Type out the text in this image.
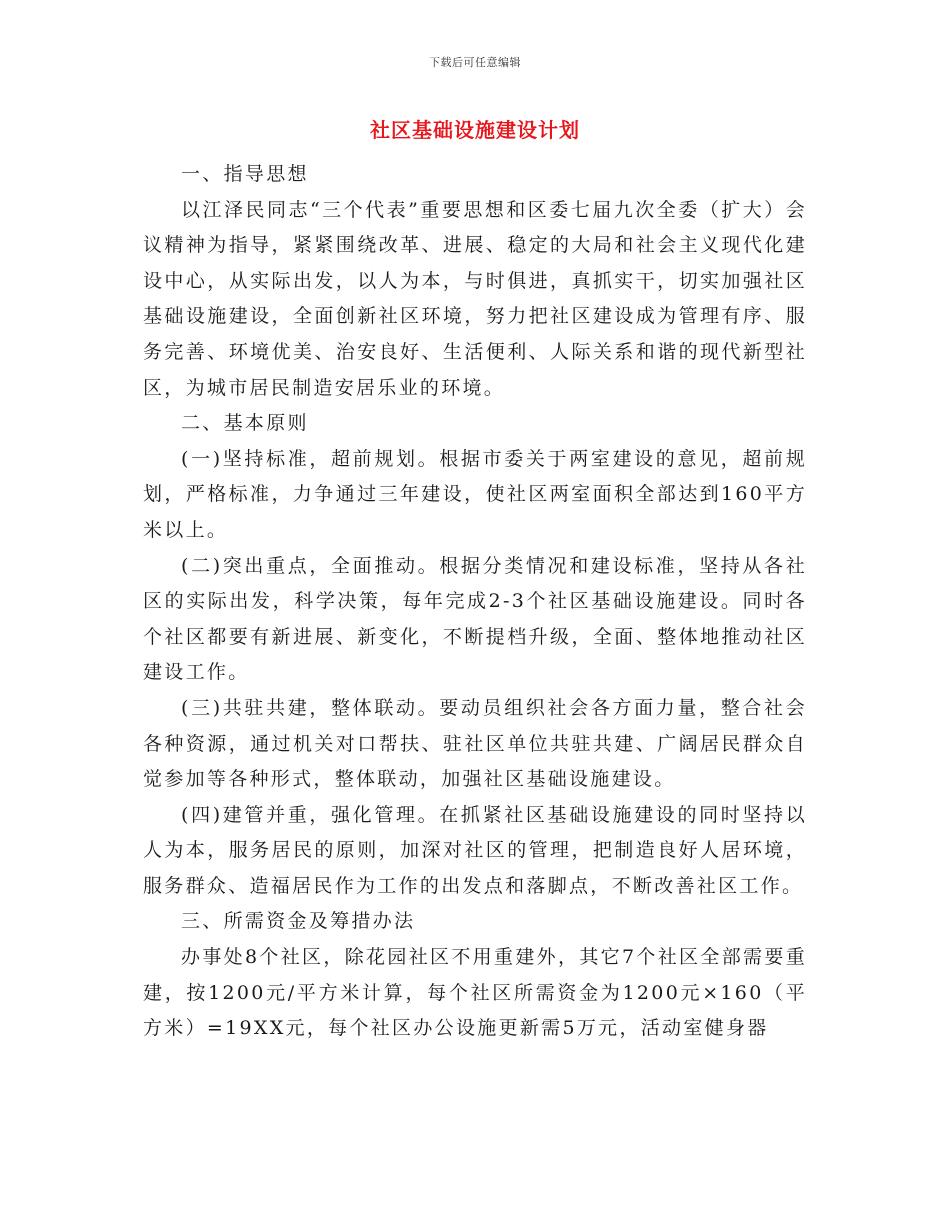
下载后可任意编辑
社区基础设施建设计划

一、指导思想

以江泽民同志“三个代表”重要思想和区委七届九次全委（扩大）会议精神为指导，紧紧围绕改革、进展、稳定的大局和社会主义现代化建设中心，从实际出发，以人为本，与时俱进，真抓实干，切实加强社区基础设施建设，全面创新社区环境，努力把社区建设成为管理有序、服务完善、环境优美、治安良好、生活便利、人际关系和谐的现代新型社区，为城市居民制造安居乐业的环境。

二、基本原则

(一)坚持标准，超前规划。根据市委关于两室建设的意见，超前规划，严格标准，力争通过三年建设，使社区两室面积全部达到160平方米以上。

(二)突出重点，全面推动。根据分类情况和建设标准，坚持从各社区的实际出发，科学决策，每年完成2-3个社区基础设施建设。同时各个社区都要有新进展、新变化，不断提档升级，全面、整体地推动社区建设工作。

(三)共驻共建，整体联动。要动员组织社会各方面力量，整合社会各种资源，通过机关对口帮扶、驻社区单位共驻共建、广阔居民群众自觉参加等各种形式，整体联动，加强社区基础设施建设。

(四)建管并重，强化管理。在抓紧社区基础设施建设的同时坚持以人为本，服务居民的原则，加深对社区的管理，把制造良好人居环境，服务群众、造福居民作为工作的出发点和落脚点，不断改善社区工作。

三、所需资金及筹措办法

办事处8个社区，除花园社区不用重建外，其它7个社区全部需要重建，按1200元/平方米计算，每个社区所需资金为1200元×160（平方米）=19XX元，每个社区办公设施更新需5万元，活动室健身器
